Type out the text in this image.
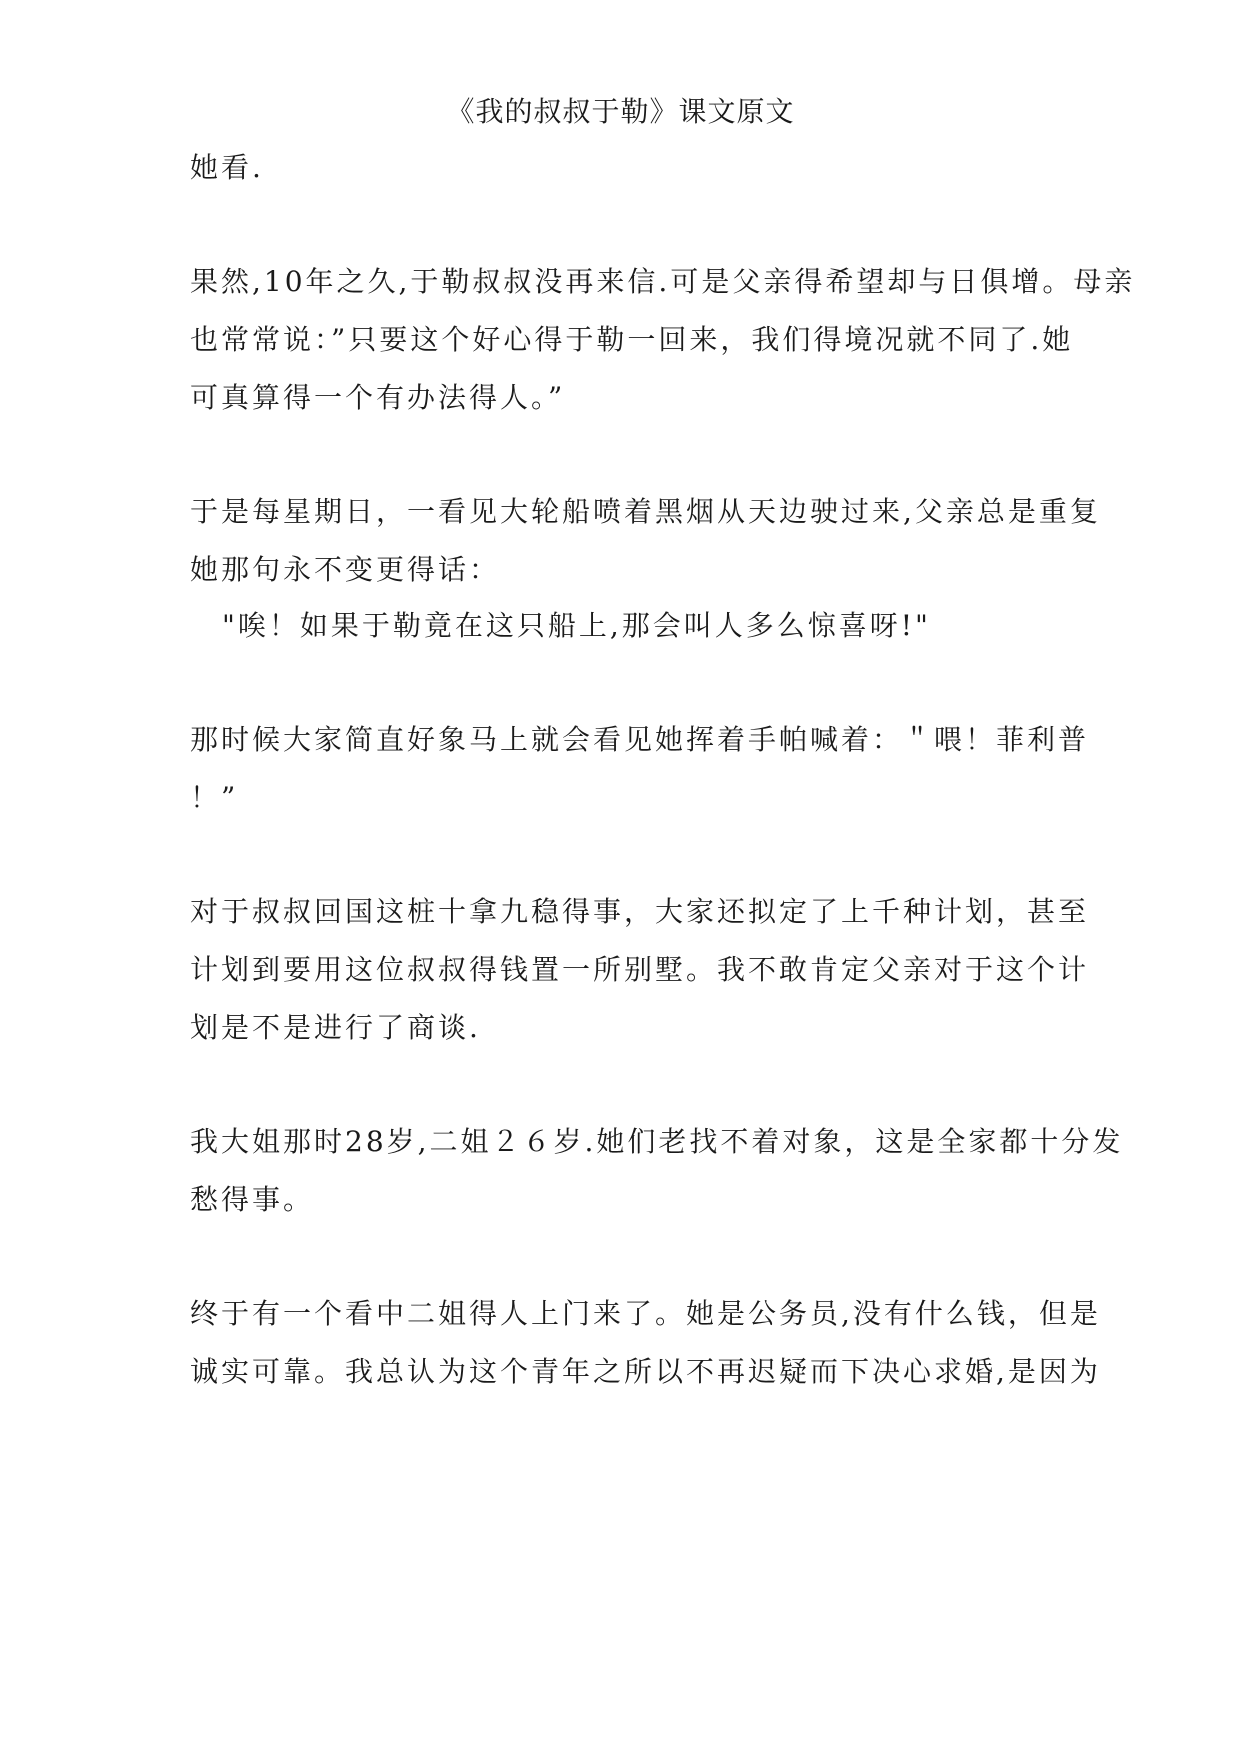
《我的叔叔于勒》课文原文
她看.
果然,10年之久,于勒叔叔没再来信.可是父亲得希望却与日俱增。母亲
也常常说：”只要这个好心得于勒一回来，我们得境况就不同了.她
可真算得一个有办法得人。”
于是每星期日，一看见大轮船喷着黑烟从天边驶过来,父亲总是重复
她那句永不变更得话：
"唉！如果于勒竟在这只船上,那会叫人多么惊喜呀!"
那时候大家简直好象马上就会看见她挥着手帕喊着：＂喂！菲利普
！”
对于叔叔回国这桩十拿九稳得事，大家还拟定了上千种计划，甚至
计划到要用这位叔叔得钱置一所别墅。我不敢肯定父亲对于这个计
划是不是进行了商谈.
我大姐那时28岁,二姐２６岁.她们老找不着对象，这是全家都十分发
愁得事。
终于有一个看中二姐得人上门来了。她是公务员,没有什么钱，但是
诚实可靠。我总认为这个青年之所以不再迟疑而下决心求婚,是因为
